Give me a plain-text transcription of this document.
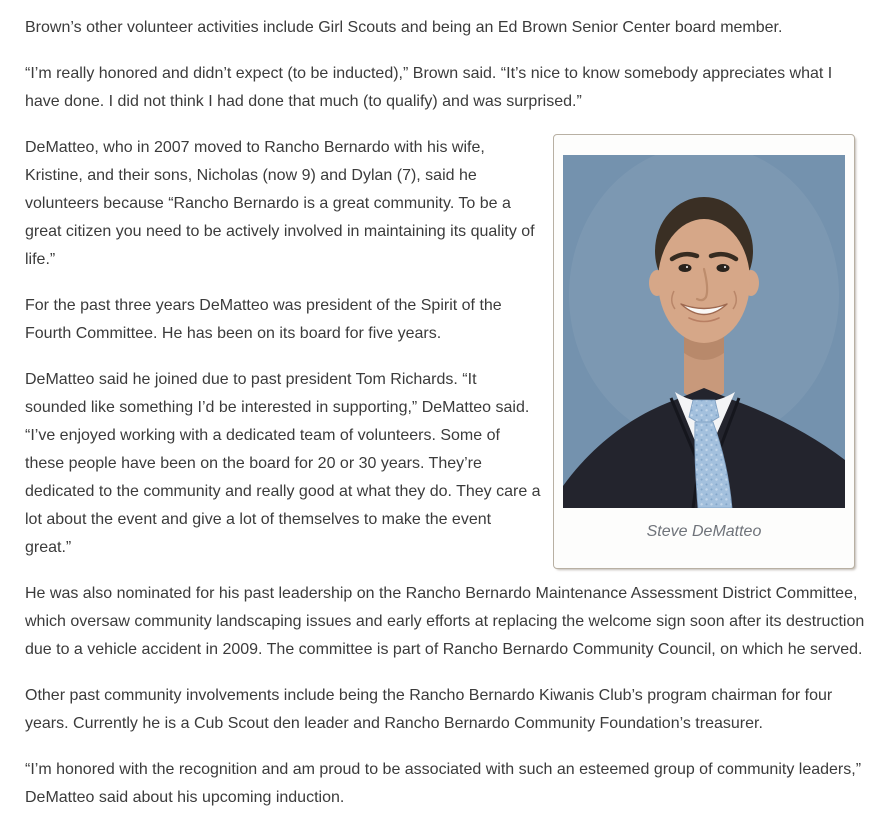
Brown’s other volunteer activities include Girl Scouts and being an Ed Brown Senior Center board member.

“I’m really honored and didn’t expect (to be inducted),” Brown said. “It’s nice to know somebody appreciates what I have done. I did not think I had done that much (to qualify) and was surprised.”

Steve DeMatteo

DeMatteo, who in 2007 moved to Rancho Bernardo with his wife, Kristine, and their sons, Nicholas (now 9) and Dylan (7), said he volunteers because “Rancho Bernardo is a great community. To be a great citizen you need to be actively involved in maintaining its quality of life.”

For the past three years DeMatteo was president of the Spirit of the Fourth Committee. He has been on its board for five years.

DeMatteo said he joined due to past president Tom Richards. “It sounded like something I’d be interested in supporting,” DeMatteo said. “I’ve enjoyed working with a dedicated team of volunteers. Some of these people have been on the board for 20 or 30 years. They’re dedicated to the community and really good at what they do. They care a lot about the event and give a lot of themselves to make the event great.”

He was also nominated for his past leadership on the Rancho Bernardo Maintenance Assessment District Committee, which oversaw community landscaping issues and early efforts at replacing the welcome sign soon after its destruction due to a vehicle accident in 2009. The committee is part of Rancho Bernardo Community Council, on which he served.

Other past community involvements include being the Rancho Bernardo Kiwanis Club’s program chairman for four years. Currently he is a Cub Scout den leader and Rancho Bernardo Community Foundation’s treasurer.

“I’m honored with the recognition and am proud to be associated with such an esteemed group of community leaders,” DeMatteo said about his upcoming induction.
